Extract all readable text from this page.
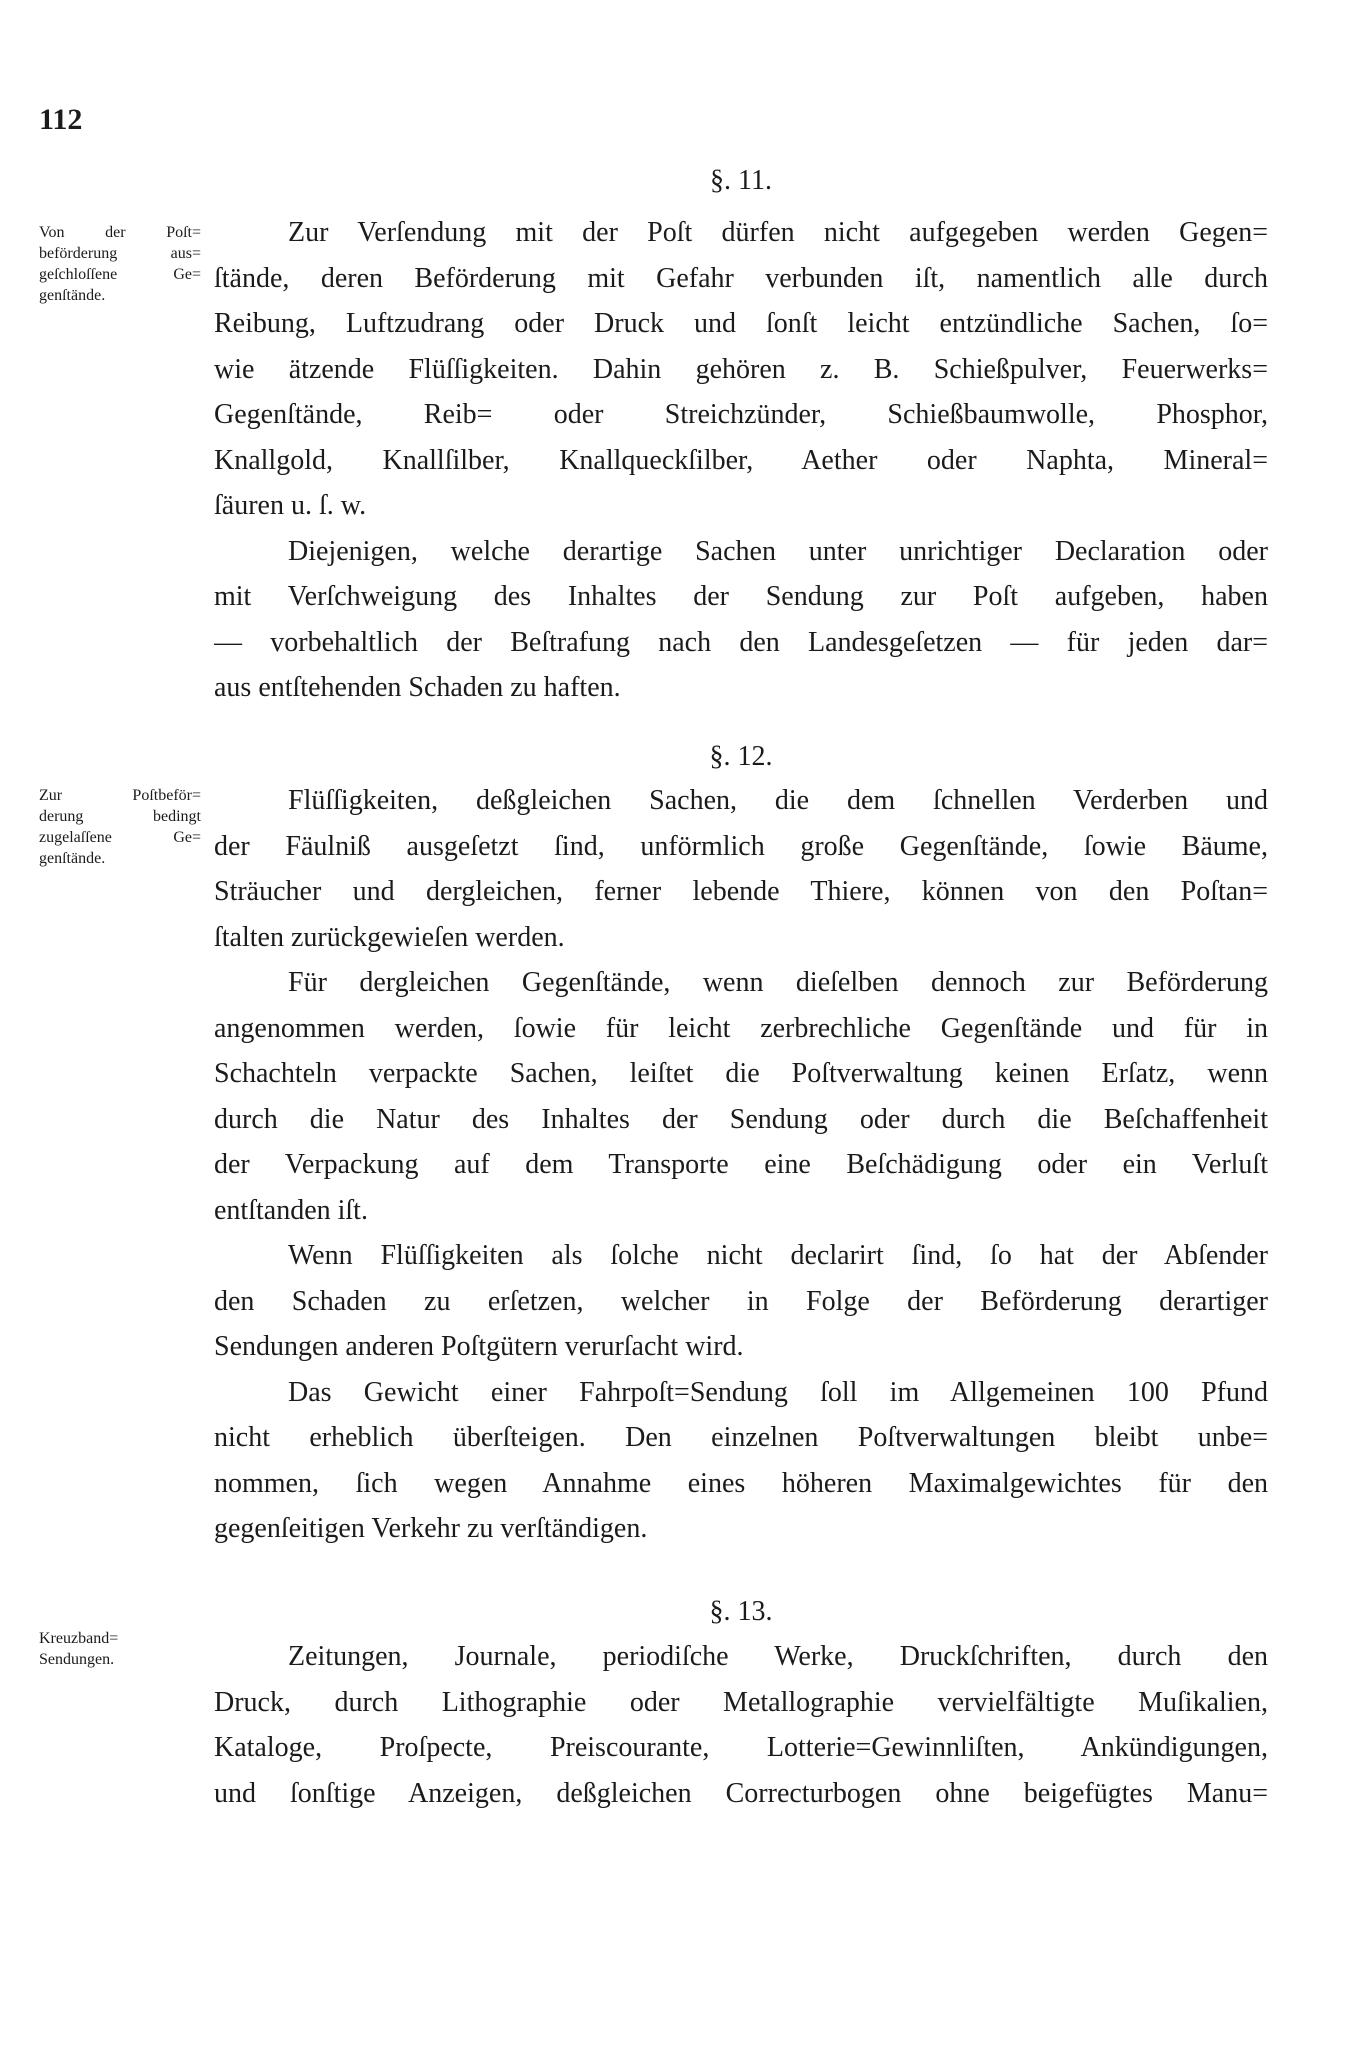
112
§. 11.
Von der Poſt=
beförderung aus=
geſchloſſene Ge=
genſtände.
Zur Verſendung mit der Poſt dürfen nicht aufgegeben werden Gegen=
ſtände, deren Beförderung mit Gefahr verbunden iſt, namentlich alle durch
Reibung, Luftzudrang oder Druck und ſonſt leicht entzündliche Sachen, ſo=
wie ätzende Flüſſigkeiten. Dahin gehören z. B. Schießpulver, Feuerwerks=
Gegenſtände, Reib= oder Streichzünder, Schießbaumwolle, Phosphor,
Knallgold, Knallſilber, Knallqueckſilber, Aether oder Naphta, Mineral=
ſäuren u. ſ. w.
Diejenigen, welche derartige Sachen unter unrichtiger Declaration oder
mit Verſchweigung des Inhaltes der Sendung zur Poſt aufgeben, haben
— vorbehaltlich der Beſtrafung nach den Landesgeſetzen — für jeden dar=
aus entſtehenden Schaden zu haften.
§. 12.
Zur Poſtbeför=
derung bedingt
zugelaſſene Ge=
genſtände.
Flüſſigkeiten, deßgleichen Sachen, die dem ſchnellen Verderben und
der Fäulniß ausgeſetzt ſind, unförmlich große Gegenſtände, ſowie Bäume,
Sträucher und dergleichen, ferner lebende Thiere, können von den Poſtan=
ſtalten zurückgewieſen werden.
Für dergleichen Gegenſtände, wenn dieſelben dennoch zur Beförderung
angenommen werden, ſowie für leicht zerbrechliche Gegenſtände und für in
Schachteln verpackte Sachen, leiſtet die Poſtverwaltung keinen Erſatz, wenn
durch die Natur des Inhaltes der Sendung oder durch die Beſchaffenheit
der Verpackung auf dem Transporte eine Beſchädigung oder ein Verluſt
entſtanden iſt.
Wenn Flüſſigkeiten als ſolche nicht declarirt ſind, ſo hat der Abſender
den Schaden zu erſetzen, welcher in Folge der Beförderung derartiger
Sendungen anderen Poſtgütern verurſacht wird.
Das Gewicht einer Fahrpoſt=Sendung ſoll im Allgemeinen 100 Pfund
nicht erheblich überſteigen. Den einzelnen Poſtverwaltungen bleibt unbe=
nommen, ſich wegen Annahme eines höheren Maximalgewichtes für den
gegenſeitigen Verkehr zu verſtändigen.
§. 13.
Kreuzband=
Sendungen.	Zeitungen, Journale, periodiſche Werke, Druckſchriften, durch den
Druck, durch Lithographie oder Metallographie vervielfältigte Muſikalien,
Kataloge, Proſpecte, Preiscourante, Lotterie=Gewinnliſten, Ankündigungen,
und ſonſtige Anzeigen, deßgleichen Correcturbogen ohne beigefügtes Manu=
